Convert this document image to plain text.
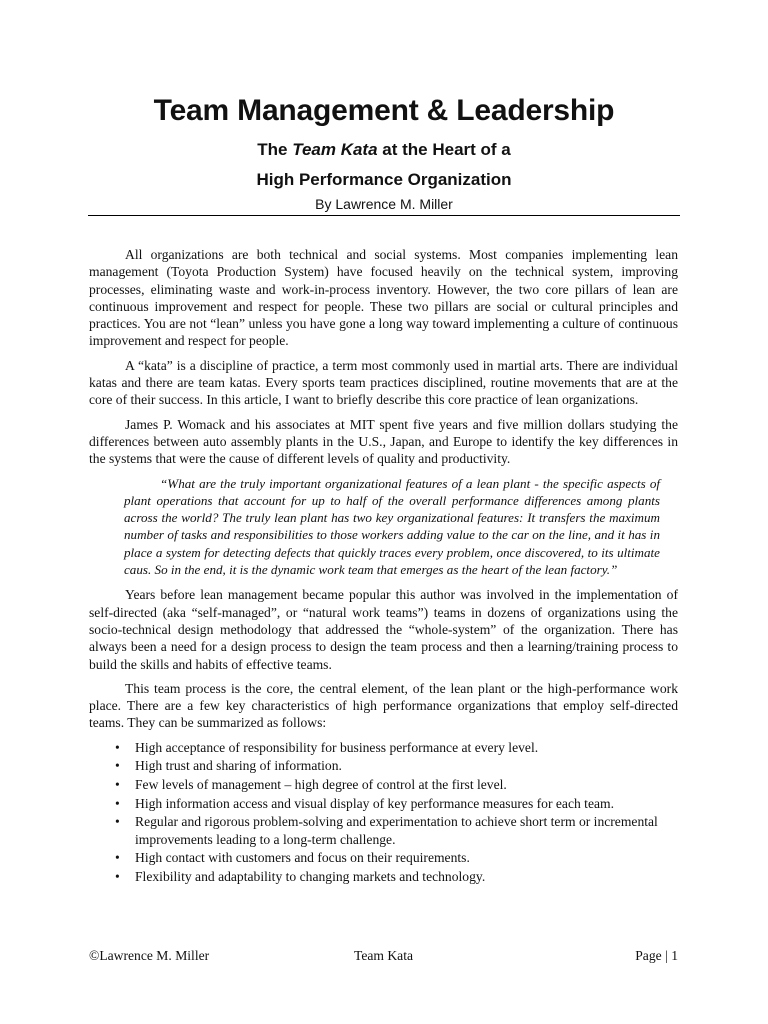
Team Management & Leadership
The Team Kata at the Heart of a
High Performance Organization
By Lawrence M. Miller

All organizations are both technical and social systems. Most companies implementing lean management (Toyota Production System) have focused heavily on the technical system, improving processes, eliminating waste and work-in-process inventory. However, the two core pillars of lean are continuous improvement and respect for people. These two pillars are social or cultural principles and practices. You are not “lean” unless you have gone a long way toward implementing a culture of continuous improvement and respect for people.

A “kata” is a discipline of practice, a term most commonly used in martial arts. There are individual katas and there are team katas. Every sports team practices disciplined, routine movements that are at the core of their success. In this article, I want to briefly describe this core practice of lean organizations.

James P. Womack and his associates at MIT spent five years and five million dollars studying the differences between auto assembly plants in the U.S., Japan, and Europe to identify the key differences in the systems that were the cause of different levels of quality and productivity.

“What are the truly important organizational features of a lean plant - the specific aspects of plant operations that account for up to half of the overall performance differences among plants across the world? The truly lean plant has two key organizational features: It transfers the maximum number of tasks and responsibilities to those workers adding value to the car on the line, and it has in place a system for detecting defects that quickly traces every problem, once discovered, to its ultimate caus. So in the end, it is the dynamic work team that emerges as the heart of the lean factory.”

Years before lean management became popular this author was involved in the implementation of self-directed (aka “self-managed”, or “natural work teams”) teams in dozens of organizations using the socio-technical design methodology that addressed the “whole-system” of the organization. There has always been a need for a design process to design the team process and then a learning/training process to build the skills and habits of effective teams.

This team process is the core, the central element, of the lean plant or the high-performance work place. There are a few key characteristics of high performance organizations that employ self-directed teams. They can be summarized as follows:

• High acceptance of responsibility for business performance at every level.
• High trust and sharing of information.
• Few levels of management – high degree of control at the first level.
• High information access and visual display of key performance measures for each team.
• Regular and rigorous problem-solving and experimentation to achieve short term or incremental improvements leading to a long-term challenge.
• High contact with customers and focus on their requirements.
• Flexibility and adaptability to changing markets and technology.
©Lawrence M. Miller	Team Kata	Page | 1
